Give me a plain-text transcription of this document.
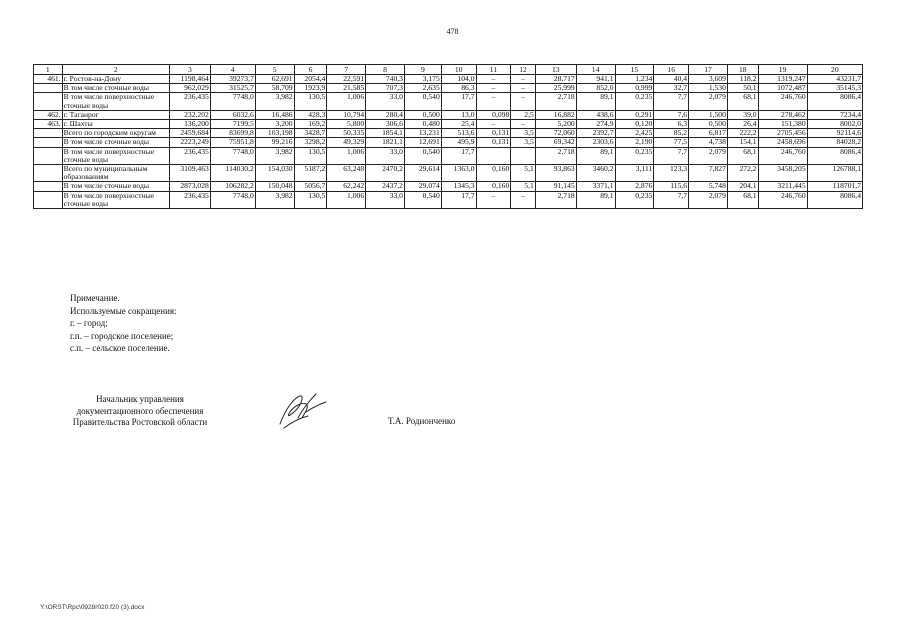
478
1	2	3	4	5	6	7	8	9	10	11	12	13	14	15	16	17	18	19	20
461.	г. Ростов-на-Дону	1198,464	39273,7	62,691	2054,4	22,591	740,3	3,175	104,0	–	–	28,717	941,1	1,234	40,4	3,609	118,2	1319,247	43231,7
	В том числе сточные воды	962,029	31525,7	58,709	1923,9	21,585	707,3	2,635	86,3	–	–	25,999	852,0	0,999	32,7	1,530	50,1	1072,487	35145,3
	В том числе поверхностные сточные воды	236,435	7748,0	3,982	130,5	1,006	33,0	0,540	17,7	–	–	2,718	89,1	0,235	7,7	2,079	68,1	246,760	8086,4
462.	г. Таганрог	232,202	6032,6	16,486	428,3	10,794	280,4	0,500	13,0	0,098	2,5	16,882	438,6	0,291	7,6	1,500	39,0	278,462	7234,4
463.	г. Шахты	136,200	7199,5	3,200	169,2	5,800	306,6	0,480	25,4	–	–	5,200	274,9	0,120	6,3	0,500	26,4	151,380	8002,0
	Всего по городским округам	2459,684	83699,8	103,198	3428,7	50,335	1854,1	13,231	513,6	0,131	3,5	72,060	2392,7	2,425	85,2	6,817	222,2	2705,456	92114,6
	В том числе сточные воды	2223,249	75951,8	99,216	3298,2	49,329	1821,1	12,691	495,9	0,131	3,5	69,342	2303,6	2,190	77,5	4,738	154,1	2458,696	84028,2
	В том числе поверхностные сточные воды	236,435	7748,0	3,982	130,5	1,006	33,0	0,540	17,7			2,718	89,1	0,235	7,7	2,079	68,1	246,760	8086,4
	Всего по муниципальным образованиям	3109,463	114030,2	154,030	5187,2	63,248	2470,2	29,614	1363,0	0,160	5,1	93,863	3460,2	3,111	123,3	7,827	272,2	3458,205	126788,1
	В том числе сточные воды	2873,028	106282,2	150,048	5056,7	62,242	2437,2	29,074	1345,3	0,160	5,1	91,145	3371,1	2,876	115,6	5,748	204,1	3211,445	118701,7
	В том числе поверхностные сточные воды	236,435	7748,0	3,982	130,5	1,006	33,0	0,540	17,7	–	–	2,718	89,1	0,235	7,7	2,079	68,1	246,760	8086,4
Примечание.
Используемые сокращения:
г. – город;
г.п. – городское поселение;
с.п. – сельское поселение.
Начальник управления
документационного обеспечения
Правительства Ростовской области	Т.А. Родионченко
Y:\ORST\Rpc\0928r020.f20 (3).docx
